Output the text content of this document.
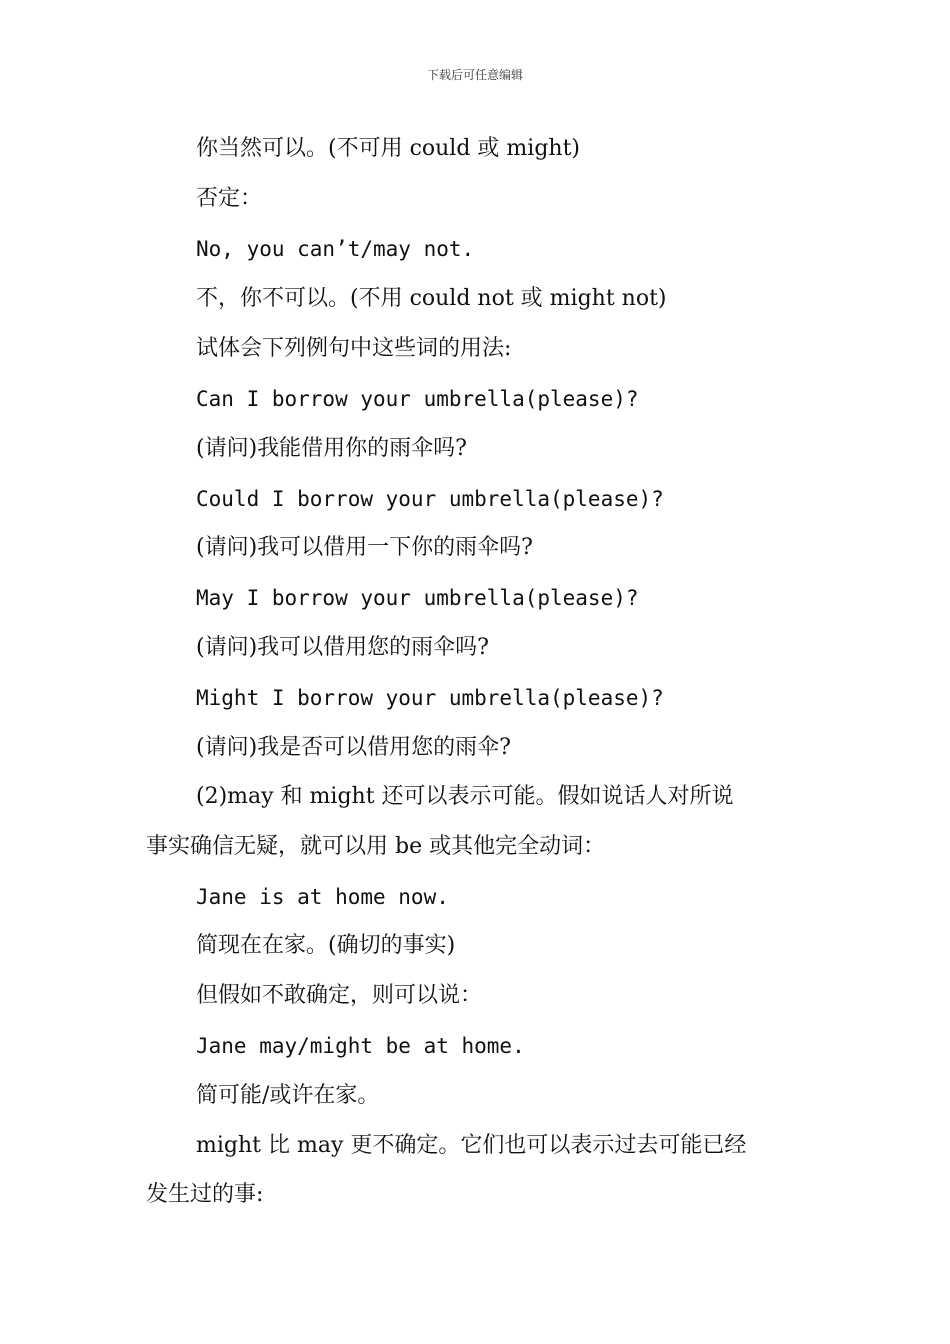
下载后可任意编辑
你当然可以。(不可用 could 或 might)
否定：
No, you can’t/may not.
不，你不可以。(不用 could not 或 might not)
试体会下列例句中这些词的用法:
Can I borrow your umbrella(please)?
(请问)我能借用你的雨伞吗?
Could I borrow your umbrella(please)?
(请问)我可以借用一下你的雨伞吗?
May I borrow your umbrella(please)?
(请问)我可以借用您的雨伞吗?
Might I borrow your umbrella(please)?
(请问)我是否可以借用您的雨伞?
(2)may 和 might 还可以表示可能。假如说话人对所说
事实确信无疑，就可以用 be 或其他完全动词：
Jane is at home now.
简现在在家。(确切的事实)
但假如不敢确定，则可以说：
Jane may/might be at home.
简可能/或许在家。
might 比 may 更不确定。它们也可以表示过去可能已经
发生过的事:
